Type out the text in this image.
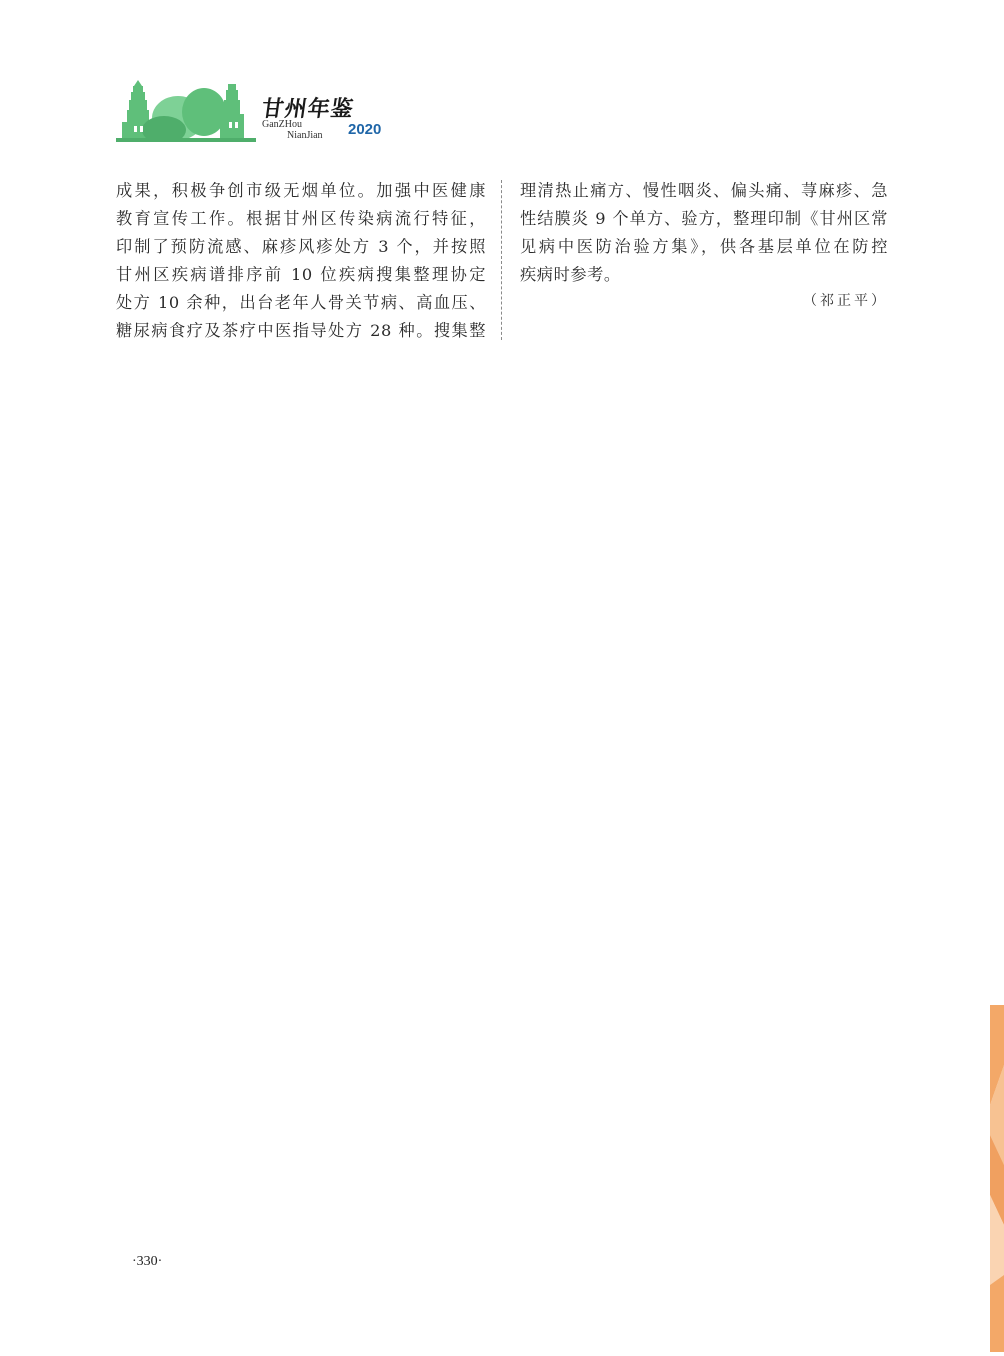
甘州年鉴
GanZHou
NianJian 2020

成果，积极争创市级无烟单位。加强中医健康

教育宣传工作。根据甘州区传染病流行特征，

印制了预防流感、麻疹风疹处方 3 个，并按照

甘州区疾病谱排序前 10 位疾病搜集整理协定

处方 10 余种，出台老年人骨关节病、高血压、

糖尿病食疗及茶疗中医指导处方 28 种。搜集整

理清热止痛方、慢性咽炎、偏头痛、荨麻疹、急

性结膜炎 9 个单方、验方，整理印制《甘州区常

见病中医防治验方集》，供各基层单位在防控

疾病时参考。

（祁正平）
·330·
